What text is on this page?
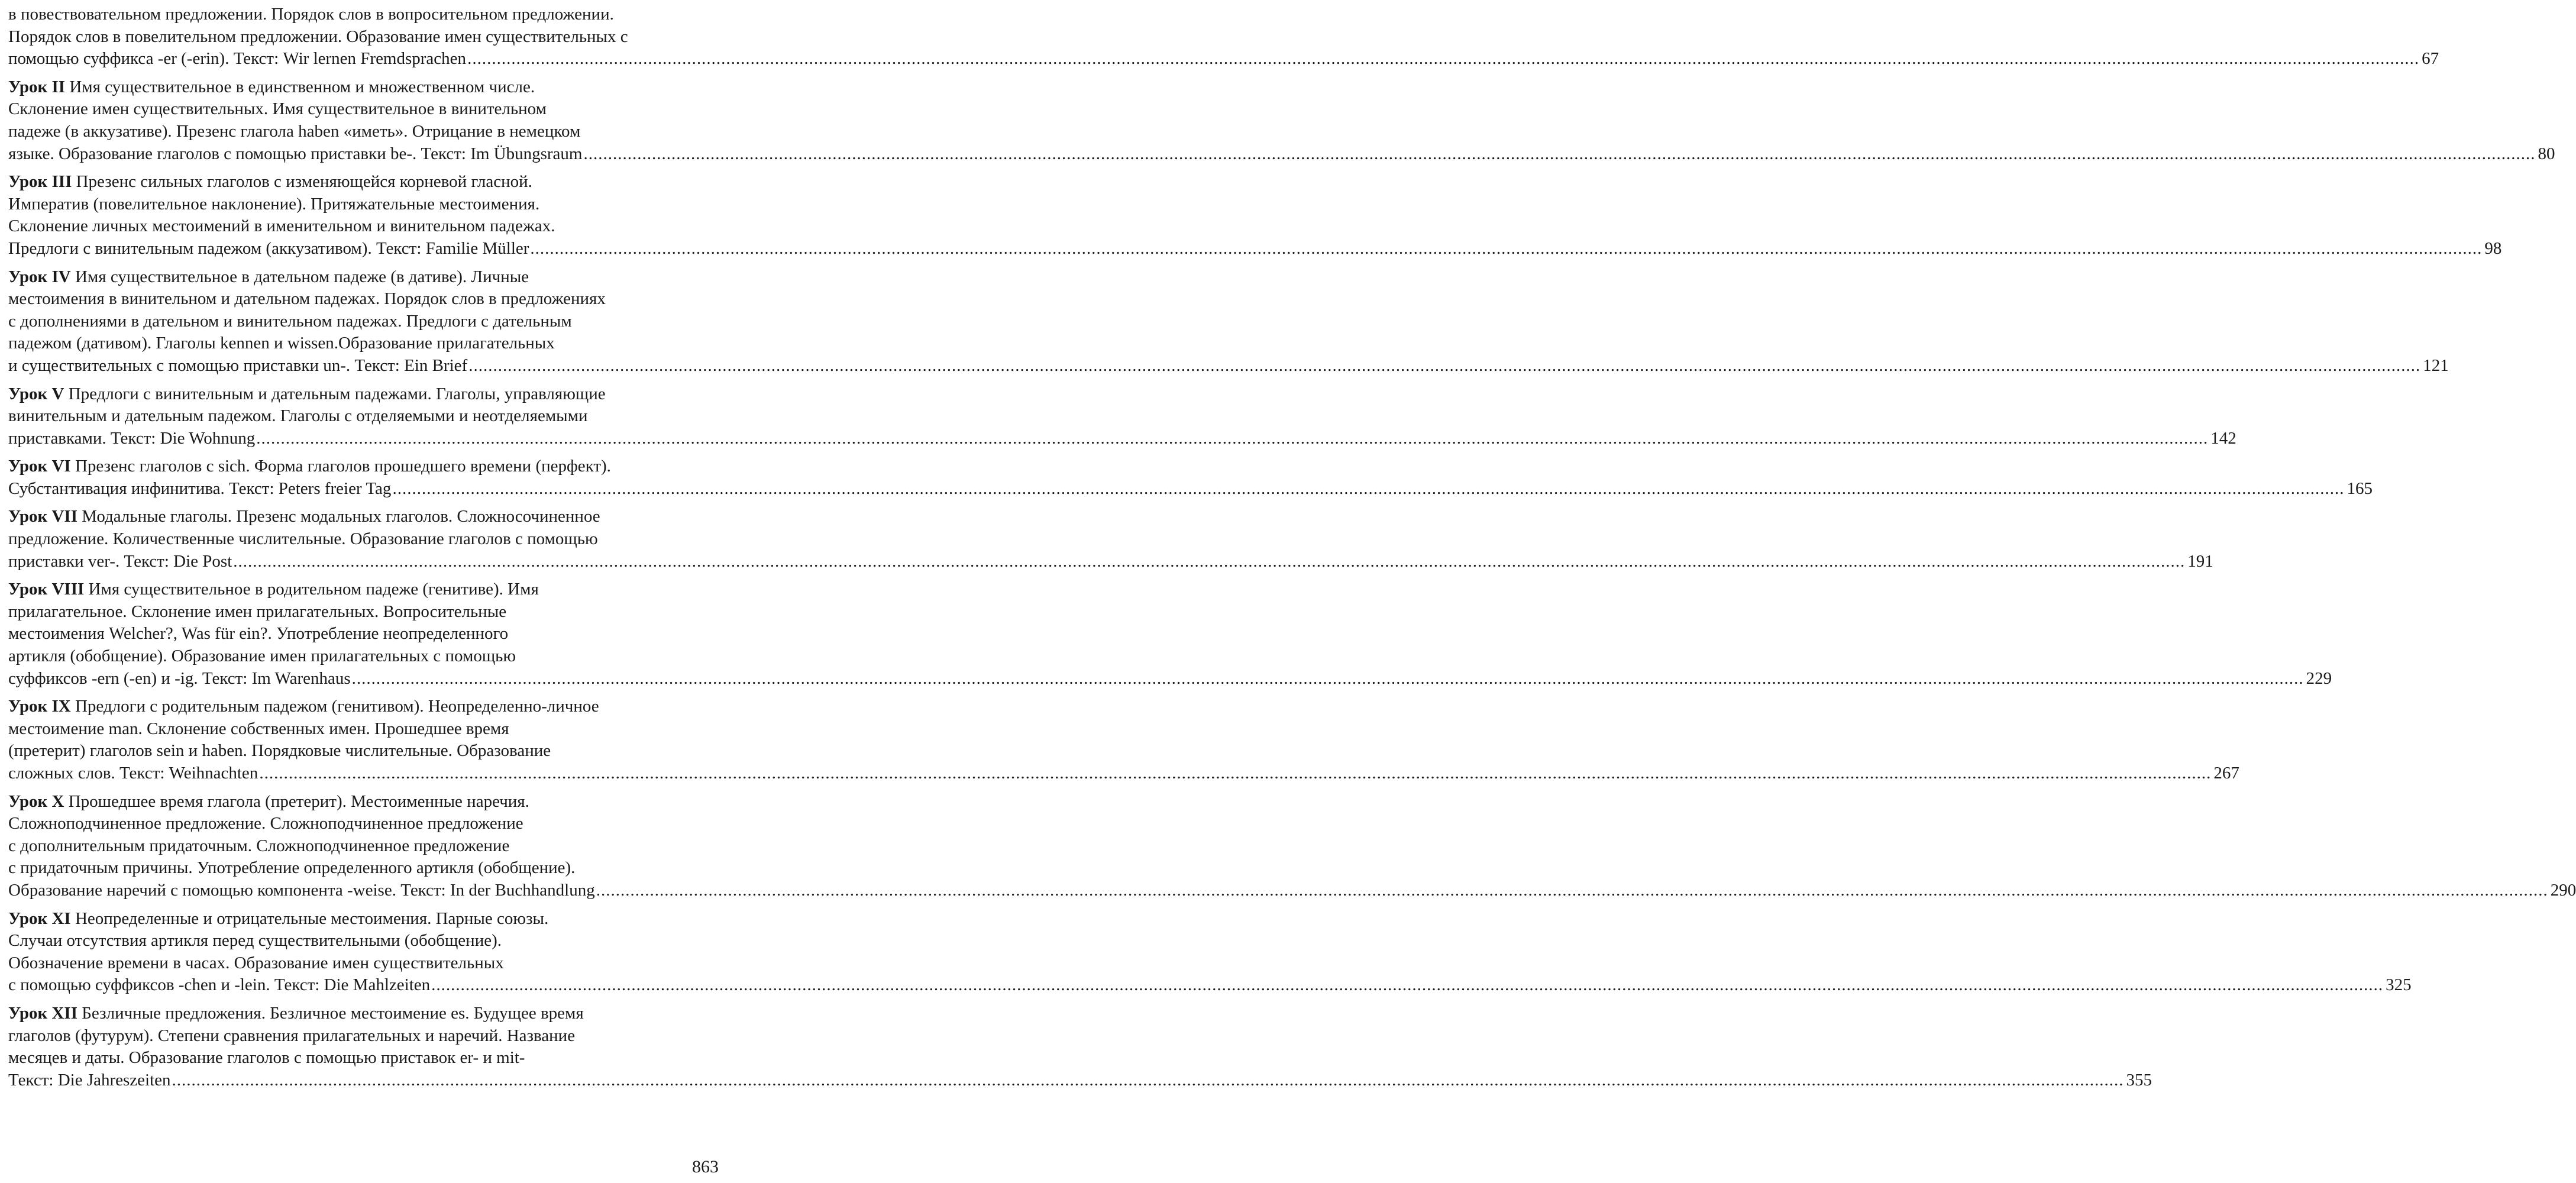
в повествовательном предложении. Порядок слов в вопросительном предложении.
Порядок слов в повелительном предложении. Образование имен существительных с
помощью суффикса -er (-erin). Текст: Wir lernen Fremdsprachen ................................................................................................................................................................................................................................................................................................................................................................................................................ 67
Урок II Имя существительное в единственном и множественном числе.
Склонение имен существительных. Имя существительное в винительном
падеже (в аккузативе). Презенс глагола haben «иметь». Отрицание в немецком
языке. Образование глаголов с помощью приставки be-. Текст: Im Übungsraum ................................................................................................................................................................................................................................................................................................................................................................................................................ 80
Урок III Презенс сильных глаголов с изменяющейся корневой гласной.
Императив (повелительное наклонение). Притяжательные местоимения.
Склонение личных местоимений в именительном и винительном падежах.
Предлоги с винительным падежом (аккузативом). Текст: Familie Müller ................................................................................................................................................................................................................................................................................................................................................................................................................ 98
Урок IV Имя существительное в дательном падеже (в дативе). Личные
местоимения в винительном и дательном падежах. Порядок слов в предложениях
с дополнениями в дательном и винительном падежах. Предлоги с дательным
падежом (дативом). Глаголы kennen и wissen.Образование прилагательных
и существительных с помощью приставки un-. Текст: Ein Brief ................................................................................................................................................................................................................................................................................................................................................................................................................ 121
Урок V Предлоги с винительным и дательным падежами. Глаголы, управляющие
винительным и дательным падежом. Глаголы с отделяемыми и неотделяемыми
приставками. Текст: Die Wohnung ................................................................................................................................................................................................................................................................................................................................................................................................................ 142
Урок VI Презенс глаголов с sich. Форма глаголов прошедшего времени (перфект).
Субстантивация инфинитива. Текст: Peters freier Tag ................................................................................................................................................................................................................................................................................................................................................................................................................ 165
Урок VII Модальные глаголы. Презенс модальных глаголов. Сложносочиненное
предложение. Количественные числительные. Образование глаголов с помощью
приставки ver-. Текст: Die Post ................................................................................................................................................................................................................................................................................................................................................................................................................ 191
Урок VIII Имя существительное в родительном падеже (генитиве). Имя
прилагательное. Склонение имен прилагательных. Вопросительные
местоимения Welcher?, Was für ein?. Употребление неопределенного
артикля (обобщение). Образование имен прилагательных с помощью
суффиксов -ern (-en) и -ig. Текст: Im Warenhaus ................................................................................................................................................................................................................................................................................................................................................................................................................ 229
Урок IX Предлоги с родительным падежом (генитивом). Неопределенно-личное
местоимение man. Склонение собственных имен. Прошедшее время
(претерит) глаголов sein и haben. Порядковые числительные. Образование
сложных слов. Текст: Weihnachten ................................................................................................................................................................................................................................................................................................................................................................................................................ 267
Урок X Прошедшее время глагола (претерит). Местоименные наречия.
Сложноподчиненное предложение. Сложноподчиненное предложение
с дополнительным придаточным. Сложноподчиненное предложение
с придаточным причины. Употребление определенного артикля (обобщение).
Образование наречий с помощью компонента -weise. Текст: In der Buchhandlung ................................................................................................................................................................................................................................................................................................................................................................................................................ 290
Урок XI Неопределенные и отрицательные местоимения. Парные союзы.
Случаи отсутствия артикля перед существительными (обобщение).
Обозначение времени в часах. Образование имен существительных
с помощью суффиксов -chen и -lein. Текст: Die Mahlzeiten ................................................................................................................................................................................................................................................................................................................................................................................................................ 325
Урок XII Безличные предложения. Безличное местоимение es. Будущее время
глаголов (футурум). Степени сравнения прилагательных и наречий. Название
месяцев и даты. Образование глаголов с помощью приставок er- и mit-
Текст: Die Jahreszeiten ................................................................................................................................................................................................................................................................................................................................................................................................................ 355
863
